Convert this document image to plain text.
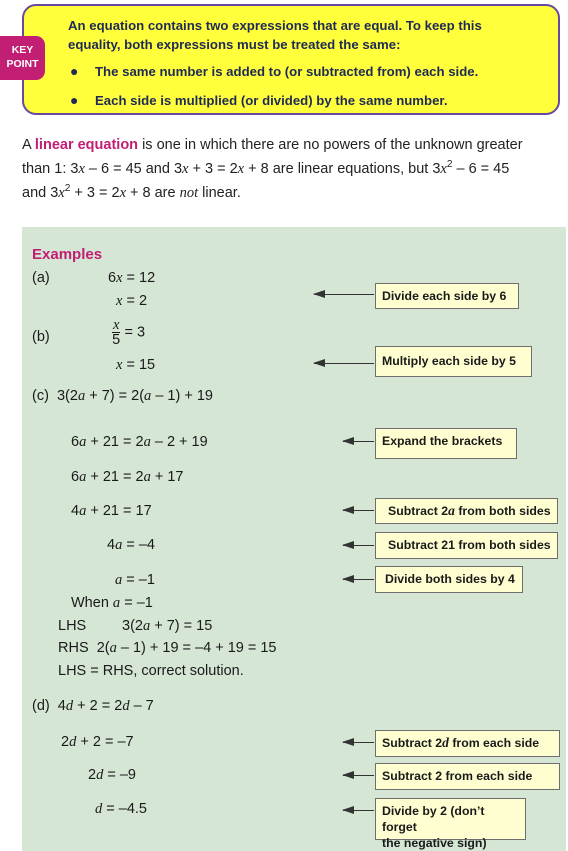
KEY
POINT
An equation contains two expressions that are equal. To keep this
equality, both expressions must be treated the same:
● The same number is added to (or subtracted from) each side.
● Each side is multiplied (or divided) by the same number.
A linear equation is one in which there are no powers of the unknown greater
than 1: 3x – 6 = 45 and 3x + 3 = 2x + 8 are linear equations, but $3x^2 - 6 = 45$
and $3x^2 + 3 = 2x + 8$ are not linear.
Examples
(a)	6x = 12
x = 2	Divide each side by 6
(b)	$\frac{x}{5} = 3$
x = 15	Multiply each side by 5
(c) 3(2a + 7) = 2(a – 1) + 19
6a + 21 = 2a – 2 + 19	Expand the brackets
6a + 21 = 2a + 17
4a + 21 = 17	Subtract 2a from both sides
4a = –4	Subtract 21 from both sides
a = –1	Divide both sides by 4
When a = –1
LHS 3(2a + 7) = 15
RHS 2(a – 1) + 19 = –4 + 19 = 15
LHS = RHS, correct solution.
(d) 4d + 2 = 2d – 7
2d + 2 = –7	Subtract 2d from each side
2d = –9	Subtract 2 from each side
d = –4.5	Divide by 2 (don’t forget
the negative sign)
